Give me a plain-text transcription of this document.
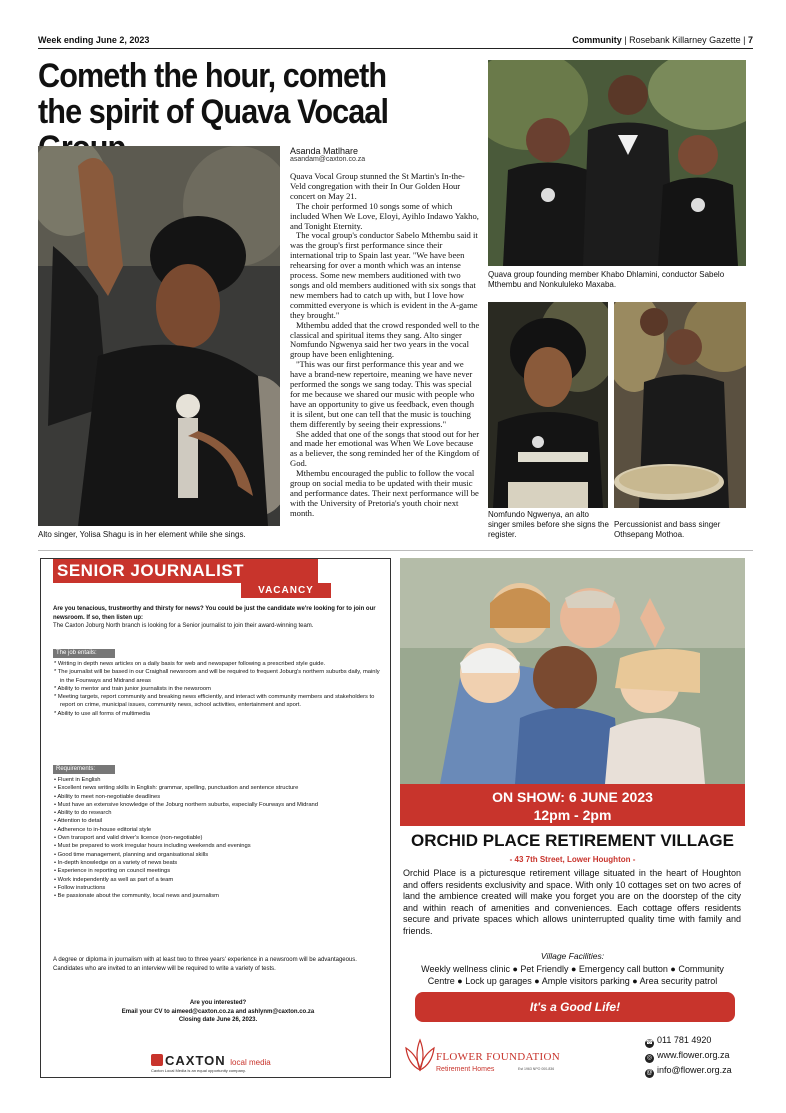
Week ending June 2, 2023	Community | Rosebank Killarney Gazette | 7
Cometh the hour, cometh the spirit of Quava Vocaal
Alto singer, Yolisa Shagu is in her element while she sings.
Asanda Matlhare
asandam@caxton.co.za

Quava Vocal Group stunned the St Martin's In-the-Veld congregation with their In Our Golden Hour concert on May 21.

The choir performed 10 songs some of which included When We Love, Eloyi, Ayihlo Indawo Yakho, and Tonight Eternity.

The vocal group's conductor Sabelo Mthembu said it was the group's first performance since their international trip to Spain last year. "We have been rehearsing for over a month which was an intense process. Some new members auditioned with two songs and old members auditioned with six songs that new members had to catch up with, but I love how committed everyone is which is evident in the A-game they brought."

Mthembu added that the crowd responded well to the classical and spiritual items they sang. Alto singer Nomfundo Ngwenya said her two years in the vocal group have been enlightening.

"This was our first performance this year and we have a brand-new repertoire, meaning we have never performed the songs we sang today. This was special for me because we shared our music with people who have an opportunity to give us feedback, even though it is silent, but one can tell that the music is touching them differently by seeing their expressions."

She added that one of the songs that stood out for her and made her emotional was When We Love because as a believer, the song reminded her of the Kingdom of God.

Mthembu encouraged the public to follow the vocal group on social media to be updated with their music and performance dates. Their next performance will be with the University of Pretoria's youth choir next month.

Quava group founding member Khabo Dhlamini, conductor Sabelo Mthembu and Nonkululeko Maxaba.
Nomfundo Ngwenya, an alto singer smiles before she signs the register.
Percussionist and bass singer Othsepang Mothoa.
SENIOR JOURNALIST
VACANCY
Are you tenacious, trustworthy and thirsty for news? You could be just the candidate we're looking for to join our newsroom. If so, then listen up:
The Caxton Joburg North branch is looking for a Senior journalist to join their award-winning team.
The job entails:
* Writing in depth news articles on a daily basis for web and newspaper following a prescribed style guide.
* The journalist will be based in our Craighall newsroom and will be required to frequent Joburg's northern suburbs daily, mainly in the Fourways and Midrand areas
* Ability to mentor and train junior journalists in the newsroom
* Meeting targets, report community and breaking news efficiently, and interact with community members and stakeholders to report on crime, municipal issues, community news, school activities, entertainment and sport.
* Ability to use all forms of multimedia
Requirements:
• Fluent in English
• Excellent news writing skills in English: grammar, spelling, punctuation and sentence structure
• Ability to meet non-negotiable deadlines
• Must have an extensive knowledge of the Joburg northern suburbs, especially Fourways and Midrand
• Ability to do research
• Attention to detail
• Adherence to in-house editorial style
• Own transport and valid driver's licence (non-negotiable)
• Must be prepared to work irregular hours including weekends and evenings
• Good time management, planning and organisational skills
• In-depth knowledge on a variety of news beats
• Experience in reporting on council meetings
• Work independently as well as part of a team
• Follow instructions
• Be passionate about the community, local news and journalism
A degree or diploma in journalism with at least two to three years' experience in a newsroom will be advantageous.
Candidates who are invited to an interview will be required to write a variety of tests.
Are you interested?
Email your CV to aimeed@caxton.co.za and ashlynm@caxton.co.za
Closing date June 26, 2023.
CAXTON local media
Caxton Local Media is an equal opportunity company.
ON SHOW: 6 JUNE 2023
12pm - 2pm
ORCHID PLACE RETIREMENT VILLAGE
- 43 7th Street, Lower Houghton -
Orchid Place is a picturesque retirement village situated in the heart of Houghton and offers residents exclusivity and space. With only 10 cottages set on two acres of land the ambience created will make you forget you are on the doorstep of the city and within reach of amenities and conveniences. Each cottage offers residents secure and private spaces which allows uninterrupted quality time with family and friends.
Village Facilities:
Weekly wellness clinic ● Pet Friendly ● Emergency call button ● Community
Centre ● Lock up garages ● Ample visitors parking ● Area security patrol
It's a Good Life!
FLOWER FOUNDATION
Retirement Homes	Est 1963 NPO 000-836
☎ 011 781 4920
◎ www.flower.org.za
@ info@flower.org.za
